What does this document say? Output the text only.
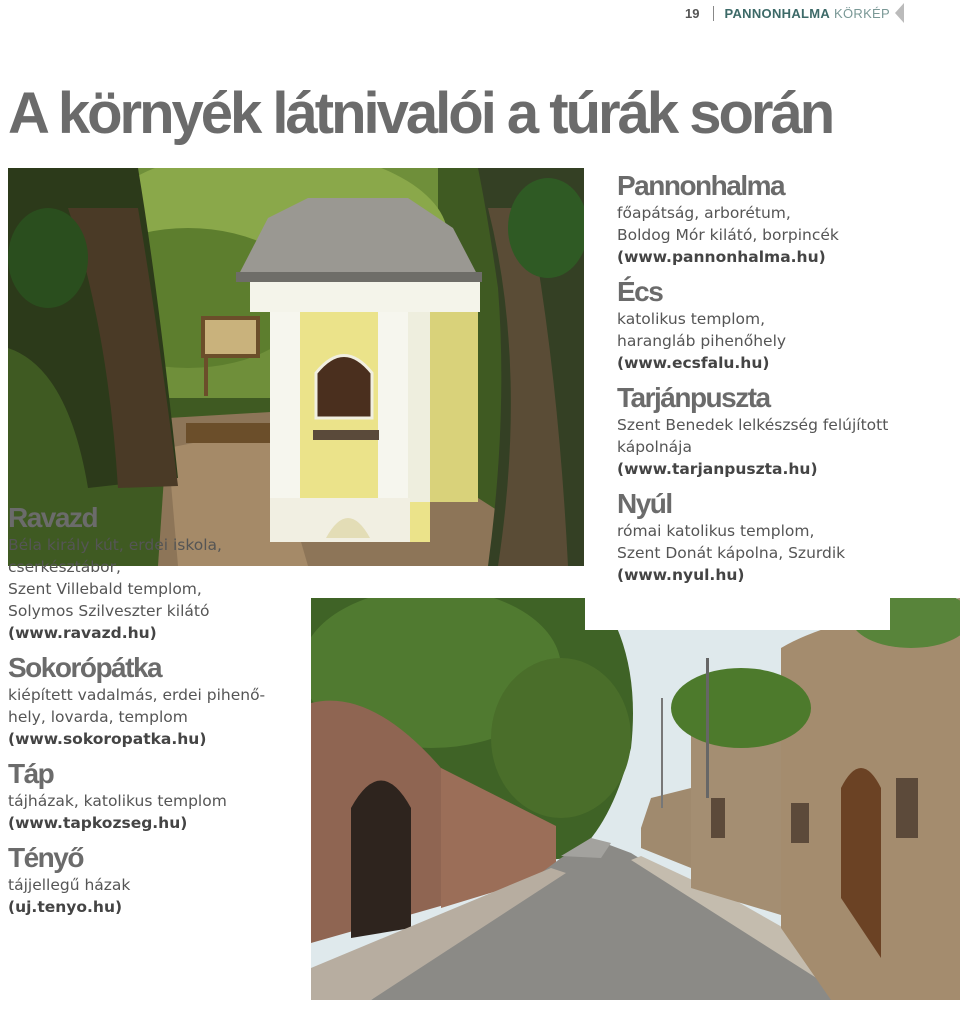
19	PANNONHALMA KÖRKÉP
A környék látnivalói a túrák során

Pannonhalma

főapátság, arborétum,
Boldog Mór kilátó, borpincék

(www.pannonhalma.hu)

Écs

katolikus templom,
harangláb pihenőhely

(www.ecsfalu.hu)

Tarjánpuszta

Szent Benedek lelkészség felújított
kápolnája

(www.tarjanpuszta.hu)

Nyúl

római katolikus templom,
Szent Donát kápolna, Szurdik

(www.nyul.hu)

Ravazd

Béla király kút, erdei iskola,
cserkésztábor,
Szent Villebald templom,
Solymos Szilveszter kilátó

(www.ravazd.hu)

Sokorópátka

kiépített vadalmás, erdei pihenő-
hely, lovarda, templom

(www.sokoropatka.hu)

Táp

tájházak, katolikus templom

(www.tapkozseg.hu)

Tényő

tájjellegű házak

(uj.tenyo.hu)
